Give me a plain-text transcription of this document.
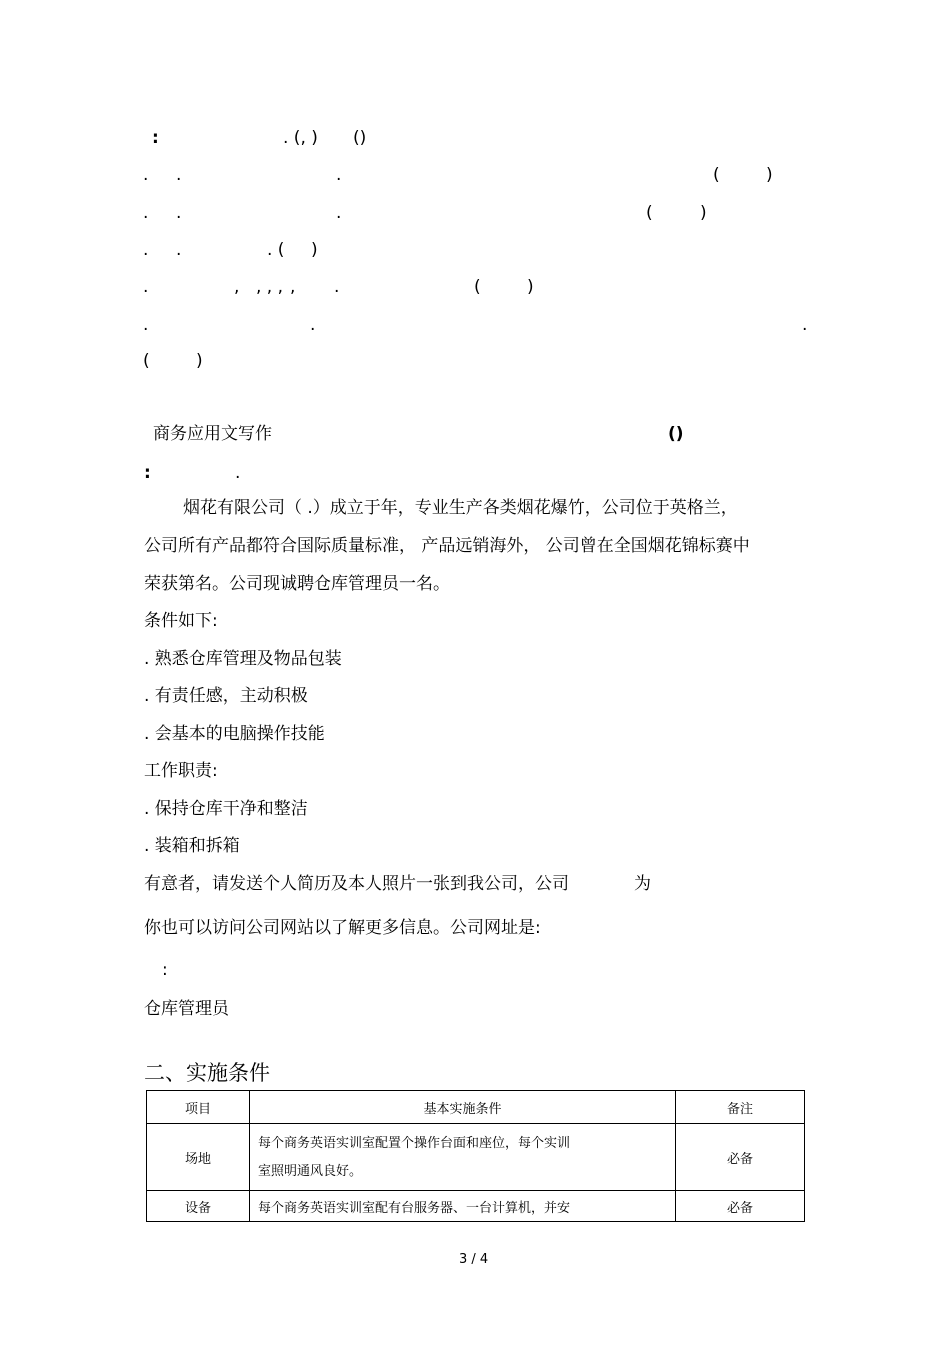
:	. (, ) ()
. .	.	(	)
. .	.	(	)
. .	. ( )
.	, , , , , .	(	)
.	.	.
(	)
商务应用文写作	()
:	.
烟花有限公司（ .）成立于年，专业生产各类烟花爆竹，公司位于英格兰，
公司所有产品都符合国际质量标准， 产品远销海外， 公司曾在全国烟花锦标赛中
荣获第名。公司现诚聘仓库管理员一名。
条件如下:
. 熟悉仓库管理及物品包装
. 有责任感，主动积极
. 会基本的电脑操作技能
工作职责:
. 保持仓库干净和整洁
. 装箱和拆箱
有意者，请发送个人简历及本人照片一张到我公司，公司	为
你也可以访问公司网站以了解更多信息。公司网址是:
:
仓库管理员
二、实施条件
项目	基本实施条件	备注
场地	每个商务英语实训室配置个操作台面和座位，每个实训
室照明通风良好。	必备
设备	每个商务英语实训室配有台服务器、一台计算机，并安	必备
3 / 4
